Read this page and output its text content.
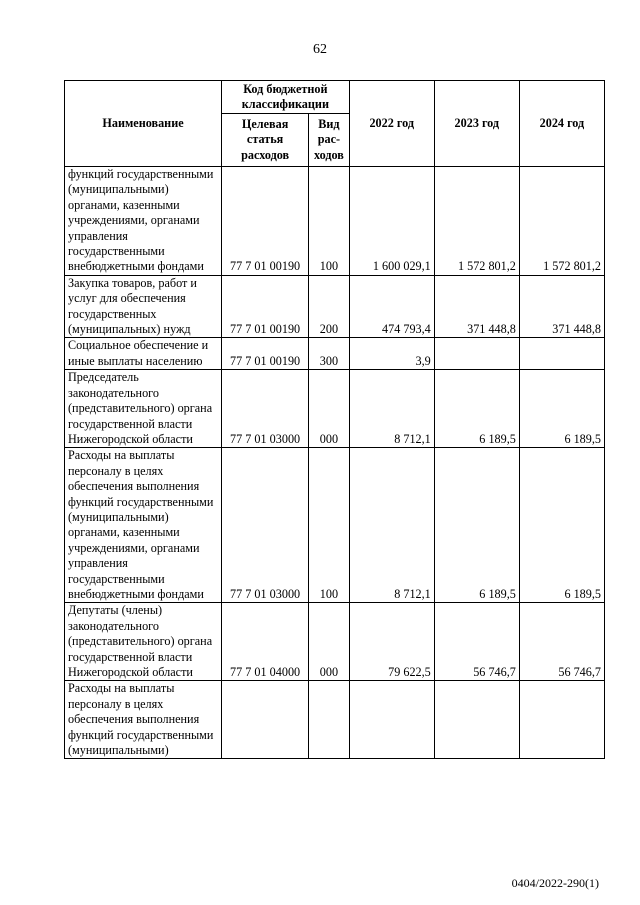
62
Наименование	Код бюджетной классификации		2022 год	2023 год	2024 год
	Целевая статья расходов	Вид рас-ходов			
функций государственными (муниципальными) органами, казенными учреждениями, органами управления государственными внебюджетными фондами	77 7 01 00190	100	1 600 029,1	1 572 801,2	1 572 801,2
Закупка товаров, работ и услуг для обеспечения государственных (муниципальных) нужд	77 7 01 00190	200	474 793,4	371 448,8	371 448,8
Социальное обеспечение и иные выплаты населению	77 7 01 00190	300	3,9		
Председатель законодательного (представительного) органа государственной власти Нижегородской области	77 7 01 03000	000	8 712,1	6 189,5	6 189,5
Расходы на выплаты персоналу в целях обеспечения выполнения функций государственными (муниципальными) органами, казенными учреждениями, органами управления государственными внебюджетными фондами	77 7 01 03000	100	8 712,1	6 189,5	6 189,5
Депутаты (члены) законодательного (представительного) органа государственной власти Нижегородской области	77 7 01 04000	000	79 622,5	56 746,7	56 746,7
Расходы на выплаты персоналу в целях обеспечения выполнения функций государственными (муниципальными)					
0404/2022-290(1)
